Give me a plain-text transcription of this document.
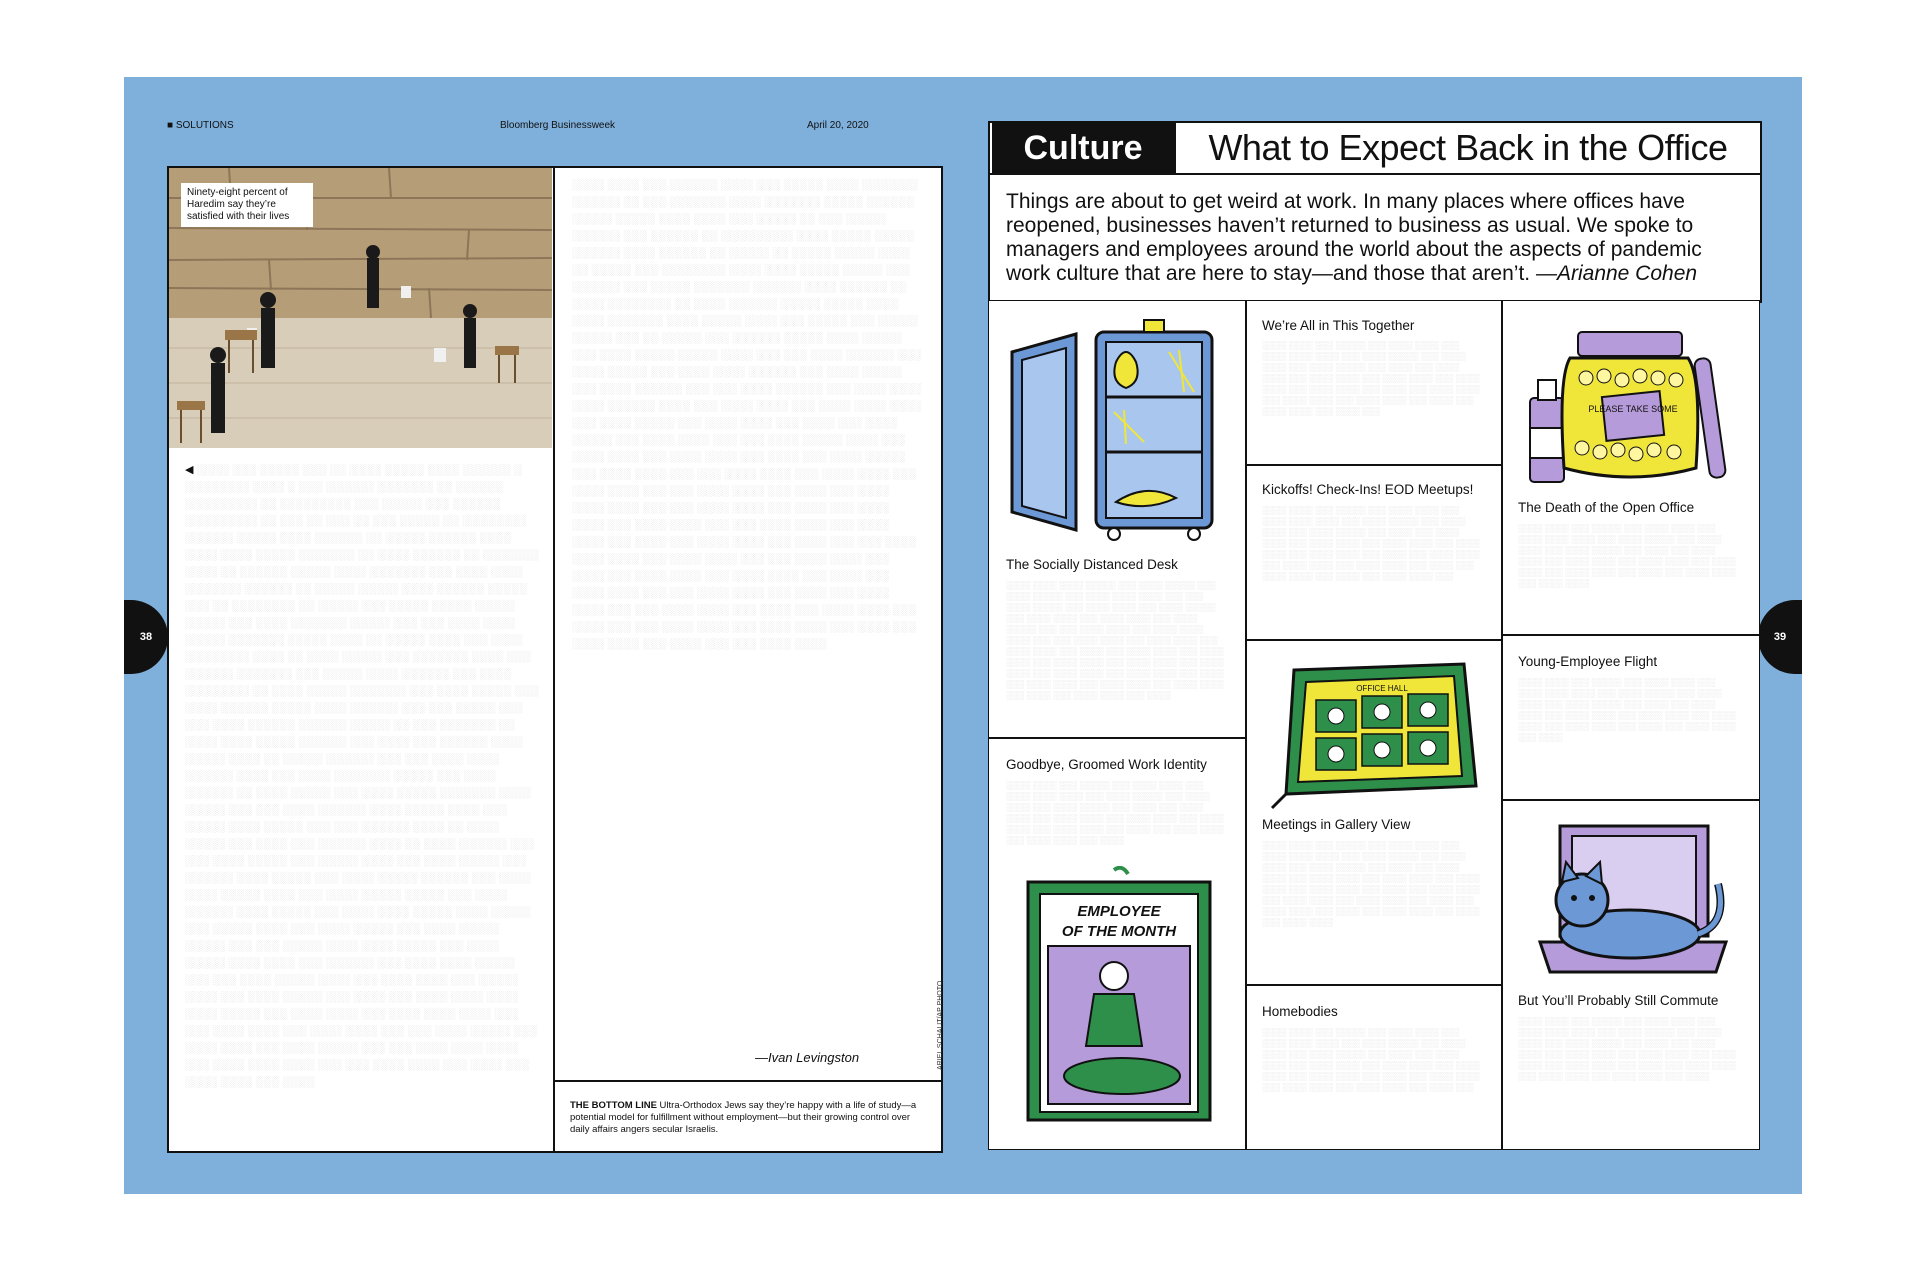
■ SOLUTIONS	Bloomberg Businessweek	April 20, 2020
Ninety-eight percent of Haredim say they’re satisfied with their lives
◀ ░░░░ ░░░ ░░░░░ ░░░ ░░ ░░░░ ░░░░░ ░░░░ ░░░░░░ ░ ░░░░░░░░ ░░░░ ░ ░░░ ░░░░░░ ░░░░░░░ ░░ ░░░░░░ ░░░░░░░░░ ░░ ░░░░░░░░░ ░░░ ░░░░░ ░░░ ░░░░░░ ░░░░░░░░░ ░░ ░░░ ░░ ░░░ ░░ ░░░ ░░░░░ ░░ ░░░░░░░░ ░░░░░░ ░░░░░ ░░░░ ░░░░░░ ░░ ░░░░░ ░░░░░░ ░░░░ ░░░░ ░░░░ ░░░░░ ░░░░░░░ ░░ ░░░░ ░░░░░░ ░░ ░░░░░░░ ░░░░ ░░ ░░░░░░ ░░░░░ ░░░░ ░░░░░░░ ░░░ ░░░░ ░░░░ ░░░░░░░ ░░░░░░ ░░ ░░░░░ ░░░░░ ░░░░ ░░░░░░ ░░░░░ ░░░ ░░ ░░░░░░░░ ░░ ░░░░░ ░░░ ░░░░░ ░░░░░ ░░░░░ ░░░░░ ░░░ ░░░░ ░░░░░░░ ░░░░░ ░░░ ░░░ ░░░░ ░░░░ ░░░░░ ░░░░░░░ ░░░░░ ░░░░ ░░ ░░░░░ ░░░░ ░░░ ░░░░ ░░░░░░░░ ░░░░ ░░ ░░░░ ░░░░░ ░░░ ░░░░░░░ ░░░░ ░░░ ░░░░░░ ░░░░░░░ ░░░ ░░░░░ ░░░░ ░░░░░░ ░░░ ░░░░ ░░░░░░░░ ░░ ░░░░ ░░░░░ ░░░░░░░ ░░░ ░░░░ ░░░░░ ░░░ ░░░░ ░░░░░░ ░░░░░ ░░░░ ░░░░░░ ░░░ ░░░ ░░░░░ ░░░ ░░░ ░░░░ ░░░░░░ ░░░░░░ ░░░░░ ░░ ░░░ ░░░░░░░ ░░ ░░░░ ░░░░ ░░░░░ ░░░░░░ ░░░ ░░░░ ░░░ ░░░░░░ ░░░░ ░░░░░ ░░░░ ░░ ░░░░░ ░░░░░░ ░░░ ░░░ ░░░░ ░░░░ ░░░░░░ ░░░░ ░░░ ░░░░ ░░░░░░░ ░░░░░ ░░░ ░░░░ ░░░░░░ ░░ ░░░░ ░░░░░ ░░░ ░░░░ ░░░░░ ░░░░░░░ ░░░░ ░░░░░ ░░░ ░░░ ░░░░ ░░░░░░ ░░░░ ░░░░░ ░░░░ ░░░ ░░░░░ ░░░░ ░░░░░ ░░░ ░░░ ░░░░░░ ░░░░ ░░ ░░░░ ░░░░░ ░░░ ░░░░ ░░░ ░░░░░░ ░░░░ ░░ ░░░░ ░░░░░░ ░░░ ░░░ ░░░░ ░░░░░ ░░░ ░░░░░ ░░░░ ░░░ ░░░░ ░░░░░ ░░░ ░░░░░░ ░░░░ ░░░░░ ░░░ ░░░░ ░░░░░ ░░░░░░ ░░░ ░░░░ ░░░░ ░░░░░ ░░░░ ░░░ ░░░░ ░░░░░ ░░░░░ ░░░ ░░░░ ░░░░░░ ░░░░ ░░░░░ ░░░ ░░░░ ░░░░ ░░░░░ ░░░░ ░░░░░ ░░░ ░░░░░ ░░░░ ░░░ ░░░░ ░░░░░ ░░░ ░░░░ ░░░░░ ░░░░░ ░░░ ░░░ ░░░░░ ░░░░ ░░░░ ░░░░░ ░░░ ░░░░ ░░░░░ ░░░░ ░░░░ ░░░ ░░░░░░ ░░░ ░░░░ ░░░░ ░░░░░ ░░░ ░░░ ░░░░ ░░░░░ ░░░░ ░░░ ░░░░ ░░░░ ░░░ ░░░░░ ░░░░ ░░░ ░░░░ ░░░░░ ░░░ ░░░░ ░░░ ░░░░ ░░░░ ░░░░ ░░░░ ░░░░░ ░░░ ░░░░ ░░░░ ░░░ ░░░░ ░░░░ ░░░░ ░░░ ░░░ ░░░░ ░░░░ ░░░ ░░░░ ░░░░ ░░░ ░░░ ░░░░ ░░░░░ ░░░ ░░░░ ░░░░ ░░░ ░░░░ ░░░░░ ░░░ ░░░ ░░░░ ░░░░ ░░░░ ░░░ ░░░░ ░░░░ ░░░░ ░░░ ░░░ ░░░░ ░░░░ ░░░ ░░░░ ░░░ ░░░░ ░░░░ ░░░ ░░░░
░░░░ ░░░░ ░░░ ░░░░░░ ░░░░ ░░░ ░░░░░ ░░░░ ░░░░░░░ ░░░░░░ ░░ ░░░ ░░░░░░░ ░░░░ ░░░░░░░ ░░░░░ ░░░░░░ ░░░░░ ░░░░░ ░░░░ ░░░░ ░░░ ░░░░░ ░░ ░░░ ░░░░░ ░░░░░░ ░░░ ░░░░░░ ░░ ░░░░░░░░░ ░░░░ ░░░░░ ░░░░░ ░░░░░░ ░░░░ ░░░░░░ ░░ ░░░░░ ░░ ░░░░░ ░░░░░ ░░░░ ░░ ░░░░░ ░░░ ░░░░░░░░ ░░░░ ░░░░ ░░░░░ ░░░░░ ░░░ ░░░░░░ ░░░ ░░░░░ ░░░░░░░ ░░░░░░ ░░░░ ░░░░░░ ░░ ░░░░ ░░░░░░░░ ░░ ░░░░ ░░░░░░ ░░░░░ ░░░░░ ░░░░ ░░░░ ░░░░░░░ ░░░░ ░░░░░ ░░░░ ░░░ ░░░░░ ░░░ ░░░░░ ░░░░░ ░░░ ░░ ░░░░░ ░░░ ░░░░░░ ░░░░░ ░░░░ ░░░░░ ░░░ ░░░░ ░░░░░ ░░░░░ ░░░░ ░░░ ░░░ ░░░░ ░░░░░░ ░░░ ░░░░ ░░░░░ ░░░ ░░░░ ░░░░ ░░░░░░ ░░░ ░░░░ ░░░░░ ░░░ ░░░░ ░░░░░░ ░░░ ░░░ ░░░░ ░░░░░░ ░░░ ░░░░ ░░░░ ░░░░ ░░░░░░ ░░░░ ░░░ ░░░░ ░░░░ ░░░ ░░░░ ░░░░ ░░░░ ░░░ ░░░░ ░░░░░ ░░░ ░░░░ ░░░░ ░░░ ░░░░ ░░░ ░░░░ ░░░░░ ░░░ ░░░░ ░░░░ ░░░ ░░░ ░░░░ ░░░░░ ░░░░ ░░░ ░░░░ ░░░░ ░░░ ░░░░ ░░░░ ░░░ ░░░░ ░░░ ░░░░ ░░░░░ ░░░ ░░░░ ░░░░ ░░░ ░░░ ░░░░ ░░░░ ░░░ ░░░░ ░░░░ ░░░ ░░░░ ░░░░ ░░░ ░░░ ░░░░ ░░░░ ░░░ ░░░░ ░░░ ░░░░ ░░░░ ░░░░ ░░░ ░░░ ░░░░ ░░░░ ░░░ ░░░░ ░░░ ░░░░ ░░░░ ░░░ ░░░░ ░░░░ ░░░ ░░░ ░░░░ ░░░░ ░░░ ░░░░ ░░░░ ░░░ ░░░░ ░░░ ░░░░ ░░░░ ░░░ ░░░░ ░░░ ░░░ ░░░░ ░░░░ ░░░░ ░░░ ░░░░ ░░░░ ░░░ ░░░ ░░░░ ░░░░ ░░░ ░░░░ ░░░ ░░░░ ░░░░ ░░░ ░░░░ ░░░░ ░░░ ░░░░ ░░░ ░░░░ ░░░░ ░░░ ░░░ ░░░░ ░░░░ ░░░ ░░░░ ░░░ ░░░░ ░░░░ ░░░ ░░░ ░░░░ ░░░░ ░░░ ░░░░ ░░░ ░░░░ ░░░░ ░░░ ░░░░ ░░░ ░░░ ░░░░ ░░░░ ░░░ ░░░░ ░░░░ ░░░ ░░░░ ░░░ ░░░░ ░░░░ ░░░ ░░░░ ░░░ ░░░ ░░░░ ░░░░
—Ivan Levingston
THE BOTTOM LINE Ultra-Orthodox Jews say they’re happy with a life of study—a potential model for fulfillment without employment—but their growing control over daily affairs angers secular Israelis.
ARIEL SCHALIT/AP PHOTO
38	39
Culture	What to Expect Back in the Office
Things are about to get weird at work. In many places where offices have reopened, businesses haven’t returned to business as usual. We spoke to managers and employees around the world about the aspects of pandemic work culture that are here to stay—and those that aren’t. —Arianne Cohen
The Socially Distanced Desk
Goodbye, Groomed Work Identity
We’re All in This Together
Kickoffs! Check-Ins! EOD Meetups!
Meetings in Gallery View
Homebodies
The Death of the Open Office
Young-Employee Flight
But You’ll Probably Still Commute
░░░░ ░░░░ ░░░░ ░░░░░ ░░░ ░░░░ ░░░░░ ░░░ ░░░░ ░░░░░ ░░░ ░░░░ ░░░░ ░░░░ ░░░ ░░░ ░░░░ ░░░░░ ░░░ ░░░░ ░░░░ ░░░ ░░░░ ░░░░░ ░░░ ░░░░ ░░░░ ░░░ ░░░░ ░░░░ ░░░ ░░░░ ░░░░░ ░░░ ░░░ ░░░░ ░░░░ ░░░ ░░░░ ░░░░ ░░░░ ░░░ ░░░ ░░░░ ░░░░ ░░░ ░░░░ ░░░░ ░░░ ░░░░ ░░░░ ░░░ ░░░░ ░░░ ░░░░ ░░░░ ░░░ ░░░░ ░░░░ ░░░ ░░░░ ░░░░ ░░░ ░░░░ ░░░░ ░░░ ░░░░ ░░░░ ░░░ ░░░░ ░░░░ ░░░ ░░░░ ░░░░ ░░░ ░░░░ ░░░ ░░░░ ░░░░ ░░░ ░░░░ ░░░░ ░░░ ░░░░ ░░░░ ░░░ ░░░░ ░░░ ░░░░ ░░░░ ░░░ ░░░░
░░░░ ░░░░ ░░░ ░░░░░ ░░░ ░░░░ ░░░░ ░░░ ░░░░ ░░░░ ░░░░ ░░░ ░░░░ ░░░░░ ░░░ ░░░░ ░░░░ ░░░ ░░░░ ░░░░░ ░░░ ░░░░ ░░░ ░░░░ ░░░░ ░░░ ░░░░ ░░░░ ░░░ ░░░░ ░░░░ ░░░ ░░░░ ░░░░ ░░░ ░░░░ ░░░░ ░░░ ░░░░ ░░░ ░░░░ ░░░░ ░░░ ░░░░ ░░░░ ░░░ ░░░░
░░░░ ░░░░ ░░░ ░░░░░ ░░░ ░░░░ ░░░░ ░░░ ░░░░ ░░░░ ░░░░ ░░░ ░░░░ ░░░░░ ░░░ ░░░░ ░░░░ ░░░ ░░░░ ░░░░░ ░░░ ░░░░ ░░░ ░░░░ ░░░░ ░░░ ░░░░ ░░░░ ░░░ ░░░░ ░░░░ ░░░ ░░░░ ░░░░ ░░░ ░░░░ ░░░░ ░░░ ░░░░ ░░░ ░░░░ ░░░░ ░░░ ░░░░ ░░░░ ░░░ ░░░░ ░░░░ ░░░ ░░░░ ░░░ ░░░░ ░░░░ ░░░ ░░░░ ░░░
░░░░ ░░░░ ░░░ ░░░░░ ░░░ ░░░░ ░░░░ ░░░ ░░░░ ░░░░ ░░░░ ░░░ ░░░░ ░░░░░ ░░░ ░░░░ ░░░░ ░░░ ░░░░ ░░░░░ ░░░ ░░░░ ░░░ ░░░░ ░░░░ ░░░ ░░░░ ░░░░ ░░░ ░░░░ ░░░░ ░░░ ░░░░ ░░░░ ░░░ ░░░░ ░░░░ ░░░ ░░░░ ░░░ ░░░░ ░░░░ ░░░ ░░░░ ░░░░ ░░░ ░░░░ ░░░░ ░░░ ░░░░ ░░░ ░░░░ ░░░░ ░░░ ░░░░ ░░░ ░░░░ ░░░░ ░░░
░░░░ ░░░░ ░░░ ░░░░░ ░░░ ░░░░ ░░░░ ░░░ ░░░░ ░░░░ ░░░░ ░░░ ░░░░ ░░░░░ ░░░ ░░░░ ░░░░ ░░░ ░░░░ ░░░░░ ░░░ ░░░░ ░░░ ░░░░ ░░░░ ░░░ ░░░░ ░░░░ ░░░ ░░░░ ░░░░ ░░░ ░░░░ ░░░░ ░░░ ░░░░ ░░░░ ░░░ ░░░░ ░░░ ░░░░ ░░░░ ░░░ ░░░░ ░░░░ ░░░ ░░░░ ░░░░ ░░░ ░░░░ ░░░ ░░░░ ░░░░ ░░░ ░░░░ ░░░ ░░░░ ░░░░ ░░░ ░░░░ ░░░ ░░░░ ░░░░
░░░░ ░░░░ ░░░ ░░░░░ ░░░ ░░░░ ░░░░ ░░░ ░░░░ ░░░░ ░░░░ ░░░ ░░░░ ░░░░░ ░░░ ░░░░ ░░░░ ░░░ ░░░░ ░░░░░ ░░░ ░░░░ ░░░ ░░░░ ░░░░ ░░░ ░░░░ ░░░░ ░░░ ░░░░ ░░░░ ░░░ ░░░░ ░░░░ ░░░ ░░░░ ░░░░ ░░░ ░░░░ ░░░ ░░░░ ░░░░ ░░░ ░░░░ ░░░░ ░░░ ░░░░ ░░░░ ░░░ ░░░░ ░░░
░░░░ ░░░░ ░░░ ░░░░░ ░░░ ░░░░ ░░░░ ░░░ ░░░░ ░░░░ ░░░░ ░░░ ░░░░ ░░░░░ ░░░ ░░░░ ░░░░ ░░░ ░░░░ ░░░░░ ░░░ ░░░░ ░░░ ░░░░ ░░░░ ░░░ ░░░░ ░░░░ ░░░ ░░░░ ░░░░ ░░░ ░░░░ ░░░░ ░░░ ░░░░ ░░░░ ░░░ ░░░░ ░░░ ░░░░ ░░░░ ░░░ ░░░░ ░░░░
░░░░ ░░░░ ░░░ ░░░░░ ░░░ ░░░░ ░░░░ ░░░ ░░░░ ░░░░ ░░░░ ░░░ ░░░░ ░░░░░ ░░░ ░░░░ ░░░░ ░░░ ░░░░ ░░░░░ ░░░ ░░░░ ░░░ ░░░░ ░░░░ ░░░ ░░░░ ░░░░ ░░░ ░░░░ ░░░░ ░░░ ░░░░ ░░░░ ░░░ ░░░░ ░░░░ ░░░ ░░░░ ░░░ ░░░░ ░░░░ ░░░ ░░░░
░░░░ ░░░░ ░░░ ░░░░░ ░░░ ░░░░ ░░░░ ░░░ ░░░░ ░░░░ ░░░░ ░░░ ░░░░ ░░░░░ ░░░ ░░░░ ░░░░ ░░░ ░░░░ ░░░░░ ░░░ ░░░░ ░░░ ░░░░ ░░░░ ░░░ ░░░░ ░░░░ ░░░ ░░░░ ░░░░ ░░░ ░░░░ ░░░░ ░░░ ░░░░ ░░░░ ░░░ ░░░░ ░░░ ░░░░ ░░░░ ░░░ ░░░░ ░░░░ ░░░ ░░░░ ░░░░ ░░░ ░░░░
PLEASE TAKE SOME
OFFICE HALL
EMPLOYEE
OF THE MONTH
